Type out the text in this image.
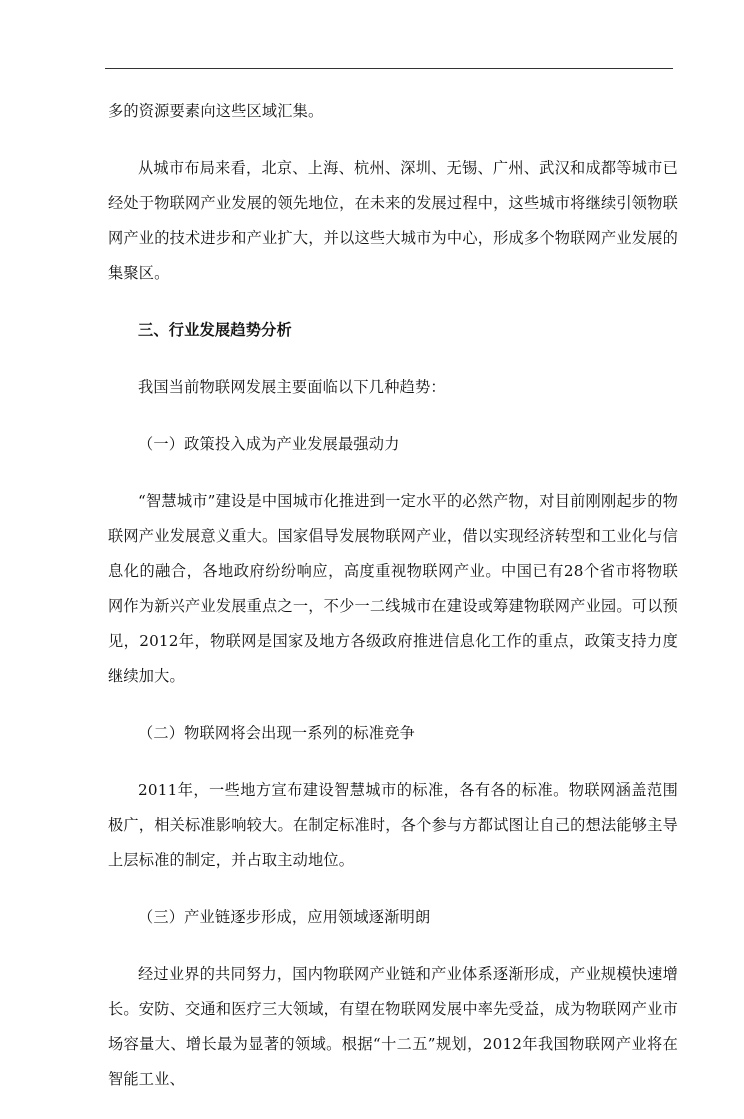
多的资源要素向这些区域汇集。

从城市布局来看，北京、上海、杭州、深圳、无锡、广州、武汉和成都等城市已经处于物联网产业发展的领先地位，在未来的发展过程中，这些城市将继续引领物联网产业的技术进步和产业扩大，并以这些大城市为中心，形成多个物联网产业发展的集聚区。

三、行业发展趋势分析

我国当前物联网发展主要面临以下几种趋势：

（一）政策投入成为产业发展最强动力

“智慧城市”建设是中国城市化推进到一定水平的必然产物，对目前刚刚起步的物联网产业发展意义重大。国家倡导发展物联网产业，借以实现经济转型和工业化与信息化的融合，各地政府纷纷响应，高度重视物联网产业。中国已有28个省市将物联网作为新兴产业发展重点之一，不少一二线城市在建设或筹建物联网产业园。可以预见，2012年，物联网是国家及地方各级政府推进信息化工作的重点，政策支持力度继续加大。

（二）物联网将会出现一系列的标准竞争

2011年，一些地方宣布建设智慧城市的标准，各有各的标准。物联网涵盖范围极广，相关标准影响较大。在制定标准时，各个参与方都试图让自己的想法能够主导上层标准的制定，并占取主动地位。

（三）产业链逐步形成，应用领域逐渐明朗

经过业界的共同努力，国内物联网产业链和产业体系逐渐形成，产业规模快速增长。安防、交通和医疗三大领域，有望在物联网发展中率先受益，成为物联网产业市场容量大、增长最为显著的领域。根据“十二五”规划，2012年我国物联网产业将在智能工业、
